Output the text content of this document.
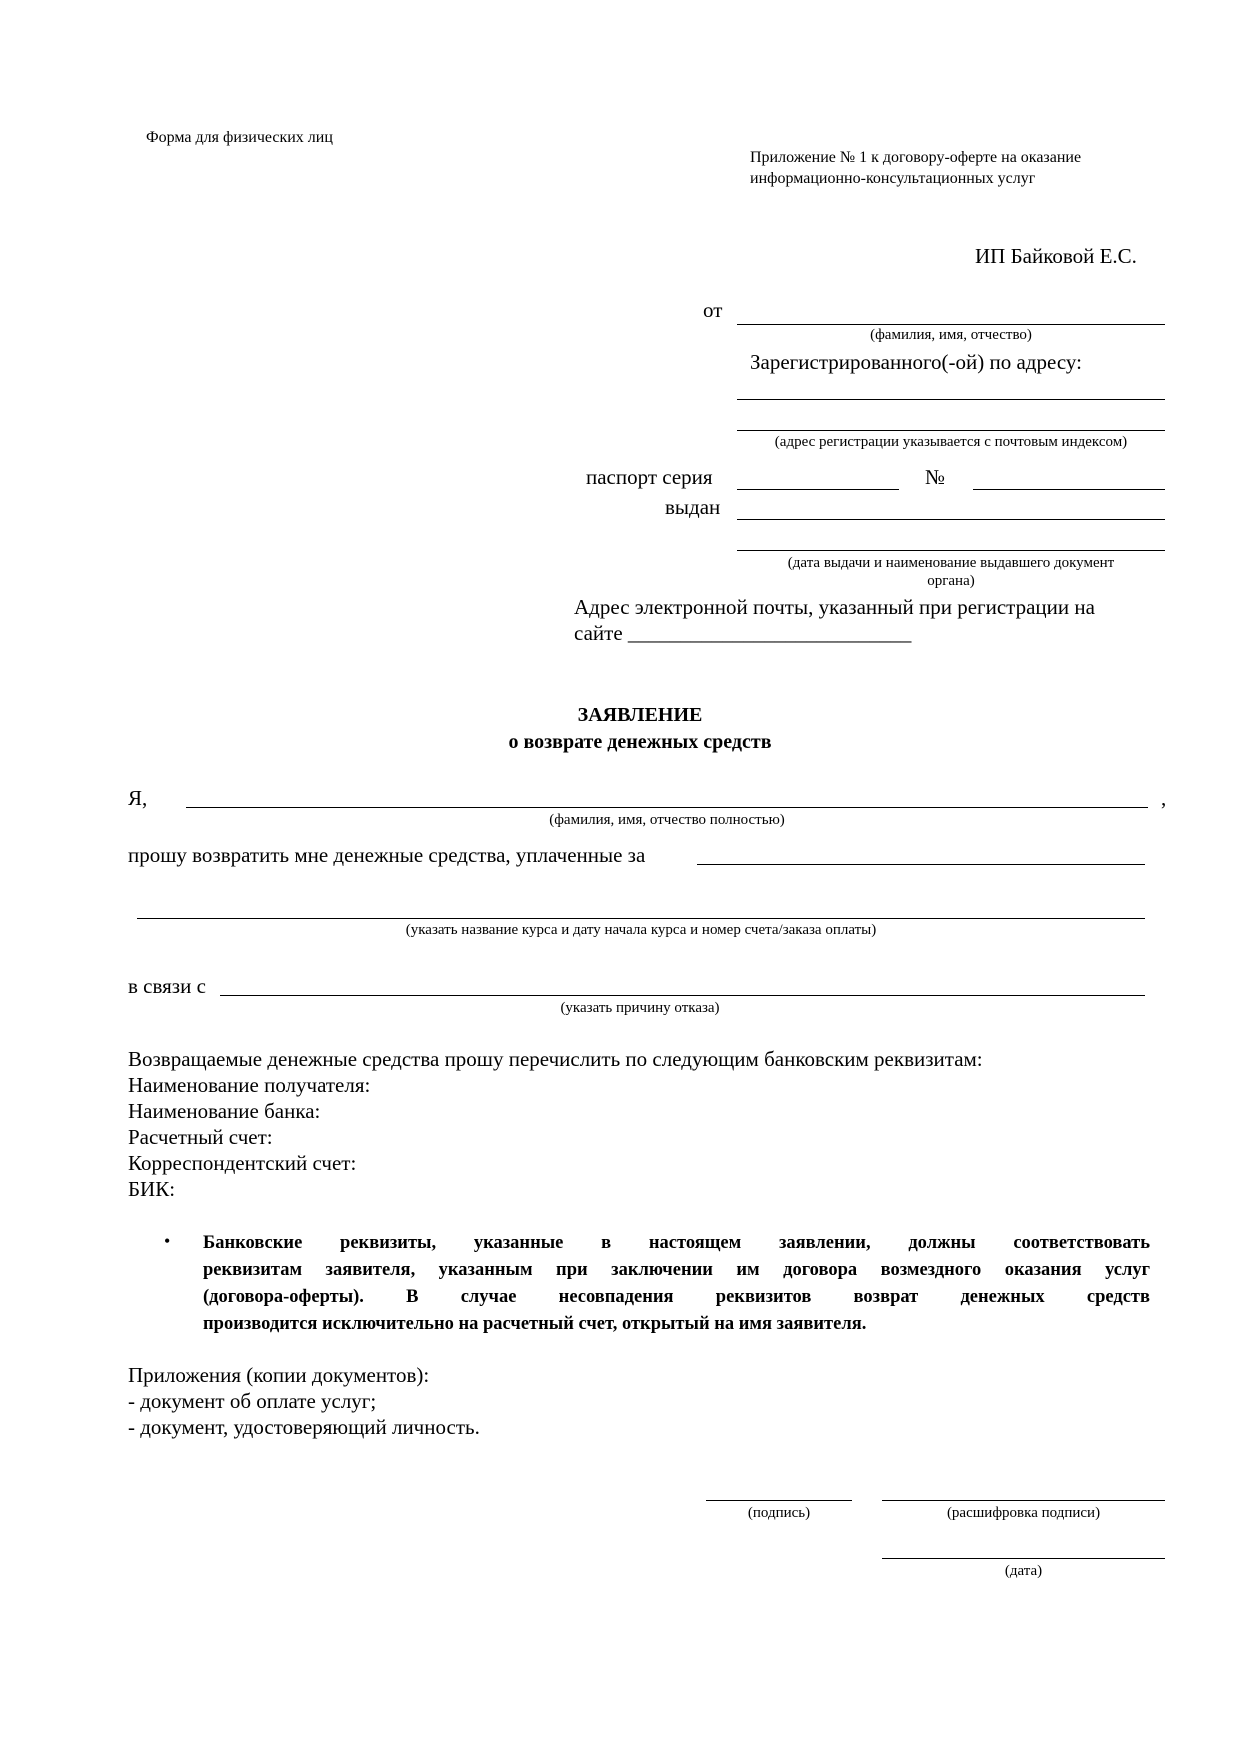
Форма для физических лиц
Приложение № 1 к договору-оферте на оказание
информационно-консультационных услуг
ИП Байковой Е.С.
от
(фамилия, имя, отчество)
Зарегистрированного(-ой) по адресу:
(адрес регистрации указывается с почтовым индексом)
паспорт серия	№
выдан
(дата выдачи и наименование выдавшего документ
органа)
Адрес электронной почты, указанный при регистрации на
сайте ___________________________
ЗАЯВЛЕНИЕ
о возврате денежных средств
Я,	,
(фамилия, имя, отчество полностью)
прошу возвратить мне денежные средства, уплаченные за
(указать название курса и дату начала курса и номер счета/заказа оплаты)
в связи с
(указать причину отказа)
Возвращаемые денежные средства прошу перечислить по следующим банковским реквизитам:
Наименование получателя:
Наименование банка:
Расчетный счет:
Корреспондентский счет:
БИК:
• Банковские реквизиты, указанные в настоящем заявлении, должны соответствовать
реквизитам заявителя, указанным при заключении им договора возмездного оказания услуг
(договора-оферты). В случае несовпадения реквизитов возврат денежных средств
производится исключительно на расчетный счет, открытый на имя заявителя.
Приложения (копии документов):
- документ об оплате услуг;
- документ, удостоверяющий личность.
(подпись)	(расшифровка подписи)
(дата)
